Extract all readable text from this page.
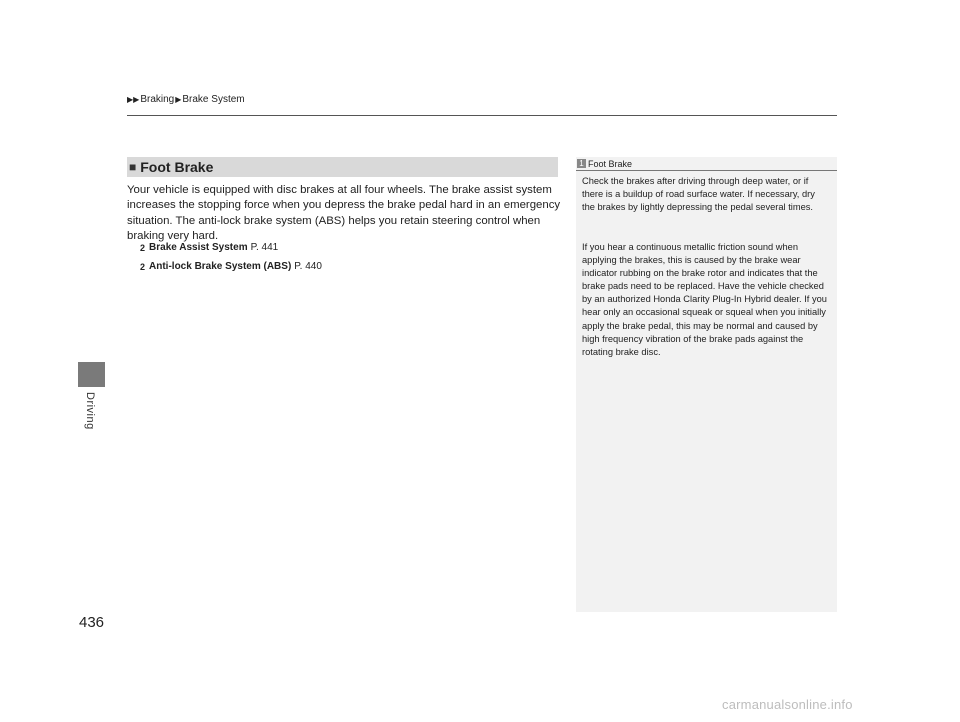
▶▶ Braking ▶ Brake System
Driving
436
■ Foot Brake
Your vehicle is equipped with disc brakes at all four wheels. The brake assist system increases the stopping force when you depress the brake pedal hard in an emergency situation. The anti-lock brake system (ABS) helps you retain steering control when braking very hard.
2 Brake Assist System P. 441
2 Anti-lock Brake System (ABS) P. 440
1 Foot Brake
Check the brakes after driving through deep water, or if there is a buildup of road surface water. If necessary, dry the brakes by lightly depressing the pedal several times.
If you hear a continuous metallic friction sound when applying the brakes, this is caused by the brake wear indicator rubbing on the brake rotor and indicates that the brake pads need to be replaced. Have the vehicle checked by an authorized Honda Clarity Plug-In Hybrid dealer. If you hear only an occasional squeak or squeal when you initially apply the brake pedal, this may be normal and caused by high frequency vibration of the brake pads against the rotating brake disc.
carmanualsonline.info
